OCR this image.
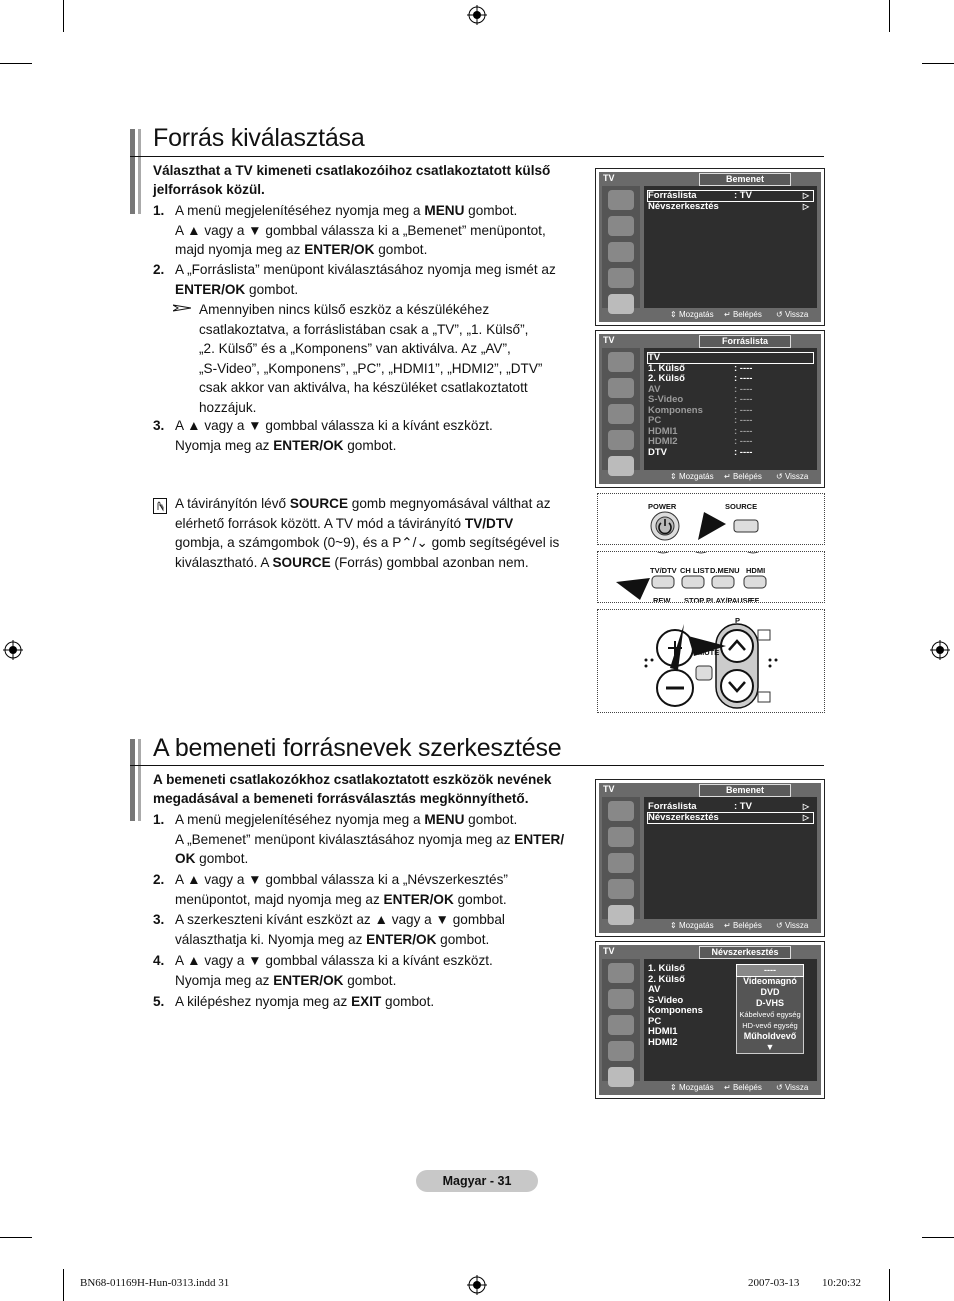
Forrás kiválasztása
Választhat a TV kimeneti csatlakozóihoz csatlakoztatott külső jelforrások közül.
1. A menü megjelenítéséhez nyomja meg a MENU gombot.
A ▲ vagy a ▼ gombbal válassza ki a „Bemenet” menüpontot,
majd nyomja meg az ENTER/OK gombot.
2. A „Forráslista” menüpont kiválasztásához nyomja meg ismét az
ENTER/OK gombot.
Amennyiben nincs külső eszköz a készülékéhez
csatlakoztatva, a forráslistában csak a „TV”, „1. Külső”,
„2. Külső” és a „Komponens” van aktiválva. Az „AV”,
„S-Video”, „Komponens”, „PC”, „HDMI1”, „HDMI2”, „DTV”
csak akkor van aktiválva, ha készüléket csatlakoztatott
hozzájuk.
3. A ▲ vagy a ▼ gombbal válassza ki a kívánt eszközt.
Nyomja meg az ENTER/OK gombot.
A távirányítón lévő SOURCE gomb megnyomásával válthat az
elérhető források között. A TV mód a távirányító TV/DTV
gombja, a számgombok (0~9), és a P⌃/⌄ gomb segítségével is
kiválasztható. A SOURCE (Forrás) gombbal azonban nem.
TV	Bemenet
Forráslista	: TV	▷
Névszerkesztés	▷
⇕ Mozgatás ↵ Belépés ↺ Vissza
TV	Forráslista
TV
1. Külső	: ----
2. Külső	: ----
AV	: ----
S-Video	: ----
Komponens	: ----
PC	: ----
HDMI1	: ----
HDMI2	: ----
DTV	: ----
⇕ Mozgatás ↵ Belépés ↺ Vissza
POWER	SOURCE
TV/DTV CH LIST D.MENU HDMI
REW STOP PLAY/PAUSE
FF
P
MUTE
A bemeneti forrásnevek szerkesztése
A bemeneti csatlakozókhoz csatlakoztatott eszközök nevének megadásával a bemeneti forrásválasztás megkönnyíthető.
1. A menü megjelenítéséhez nyomja meg a MENU gombot.
A „Bemenet” menüpont kiválasztásához nyomja meg az ENTER/
OK gombot.
2. A ▲ vagy a ▼ gombbal válassza ki a „Névszerkesztés”
menüpontot, majd nyomja meg az ENTER/OK gombot.
3. A szerkeszteni kívánt eszközt az ▲ vagy a ▼ gombbal
választhatja ki. Nyomja meg az ENTER/OK gombot.
4. A ▲ vagy a ▼ gombbal válassza ki a kívánt eszközt.
Nyomja meg az ENTER/OK gombot.
5. A kilépéshez nyomja meg az EXIT gombot.
TV	Bemenet
Forráslista	: TV	▷
Névszerkesztés	▷
⇕ Mozgatás ↵ Belépés ↺ Vissza
TV	Névszerkesztés
1. Külső
2. Külső
AV
S-Video
Komponens
PC
HDMI1
HDMI2
----
Videomagnó
DVD
D-VHS
Kábelvevő egység
HD-vevő egység
Műholdvevő
▼
⇕ Mozgatás ↵ Belépés ↺ Vissza
Magyar - 31
BN68-01169H-Hun-0313.indd 31	2007-03-13 ￿￿ 10:20:32
